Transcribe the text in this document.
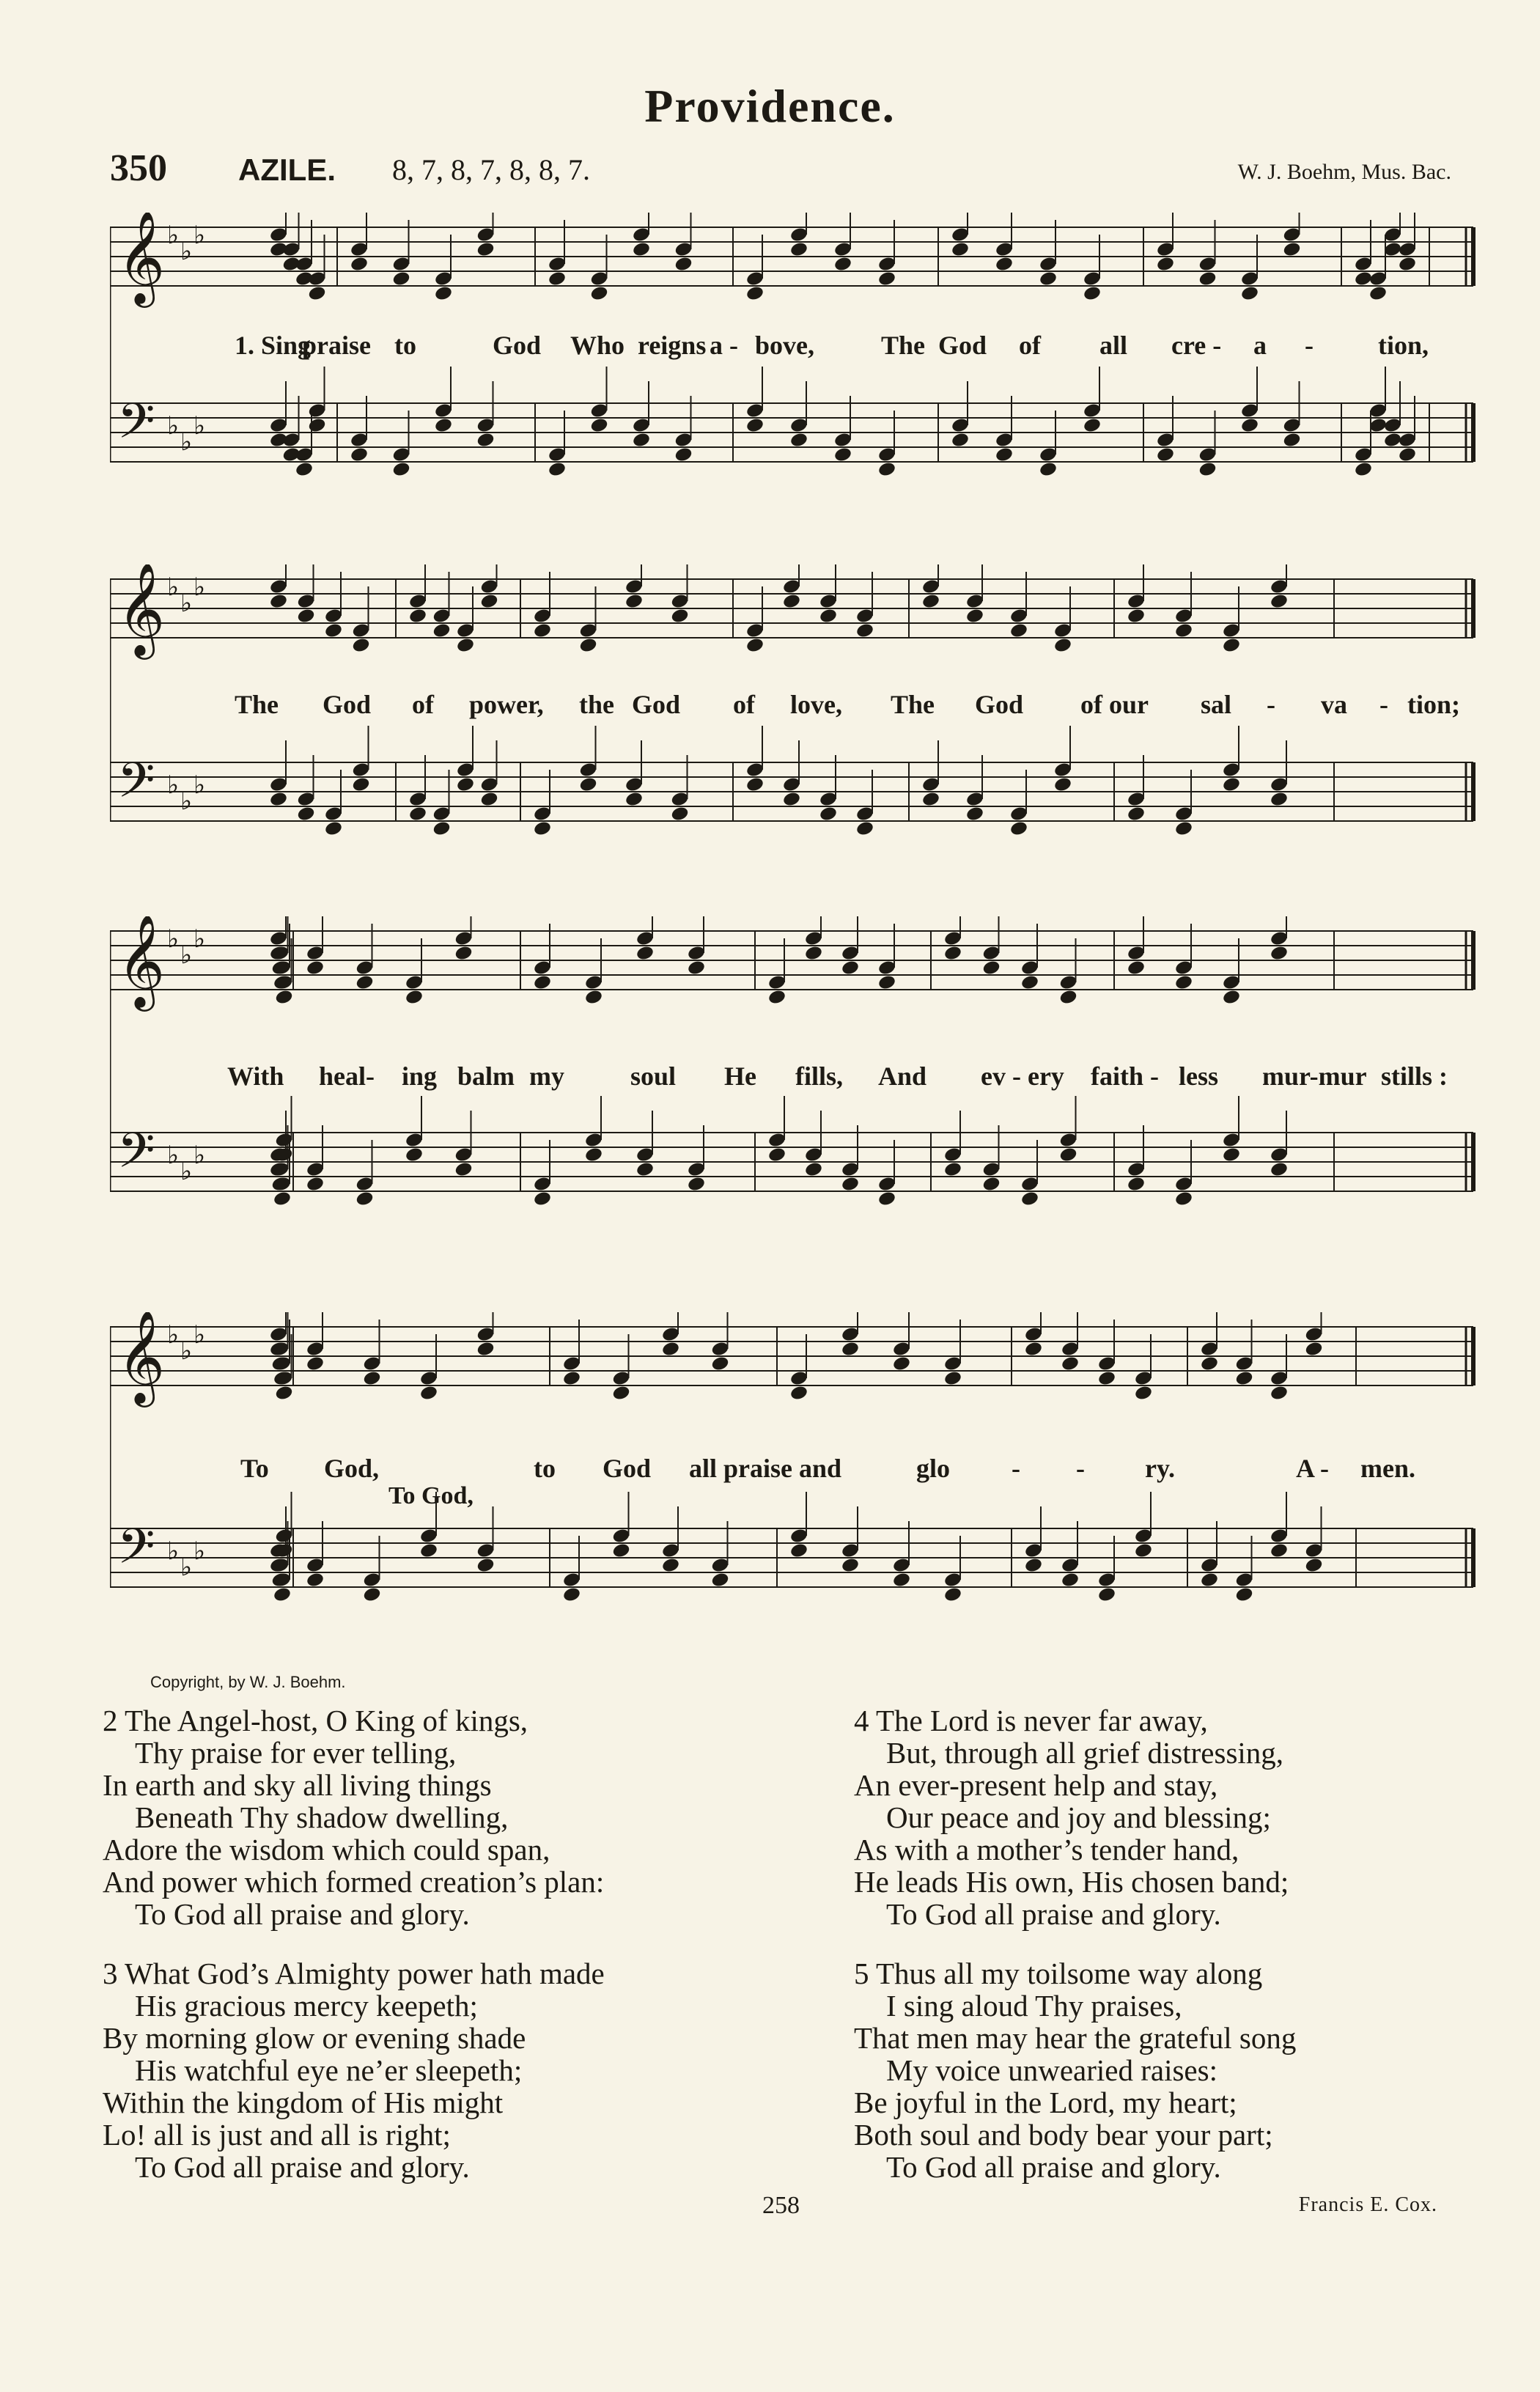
Providence.
350 AZILE. 8, 7, 8, 7, 8, 8, 7.	W. J. Boehm, Mus. Bac.
𝄞 ♭
♭
♭
𝄢 ♭
♭
♭
1. Sing
praise to	God Who reigns a - bove,	The God of all cre - a - tion,
𝄞 ♭
♭
♭
𝄢 ♭
♭
♭
The God of power, the God of love, The God of our sal - va - tion;
𝄞 ♭
♭
♭
𝄢 ♭
♭
♭
With heal- ing balm my	soul He fills, And ev - ery faith - less mur-mur stills :
𝄞 ♭
♭
♭
𝄢 ♭
♭
♭
To God,	to God all praise and	glo - - ry.	A - men.
To God,
Copyright, by W. J. Boehm.
2 The Angel-host, O King of kings,
Thy praise for ever telling,
In earth and sky all living things
Beneath Thy shadow dwelling,
Adore the wisdom which could span,
And power which formed creation’s plan:
To God all praise and glory.
3 What God’s Almighty power hath made
His gracious mercy keepeth;
By morning glow or evening shade
His watchful eye ne’er sleepeth;
Within the kingdom of His might
Lo! all is just and all is right;
To God all praise and glory.
4 The Lord is never far away,
But, through all grief distressing,
An ever-present help and stay,
Our peace and joy and blessing;
As with a mother’s tender hand,
He leads His own, His chosen band;
To God all praise and glory.
5 Thus all my toilsome way along
I sing aloud Thy praises,
That men may hear the grateful song
My voice unwearied raises:
Be joyful in the Lord, my heart;
Both soul and body bear your part;
To God all praise and glory.
258	Francis E. Cox.
